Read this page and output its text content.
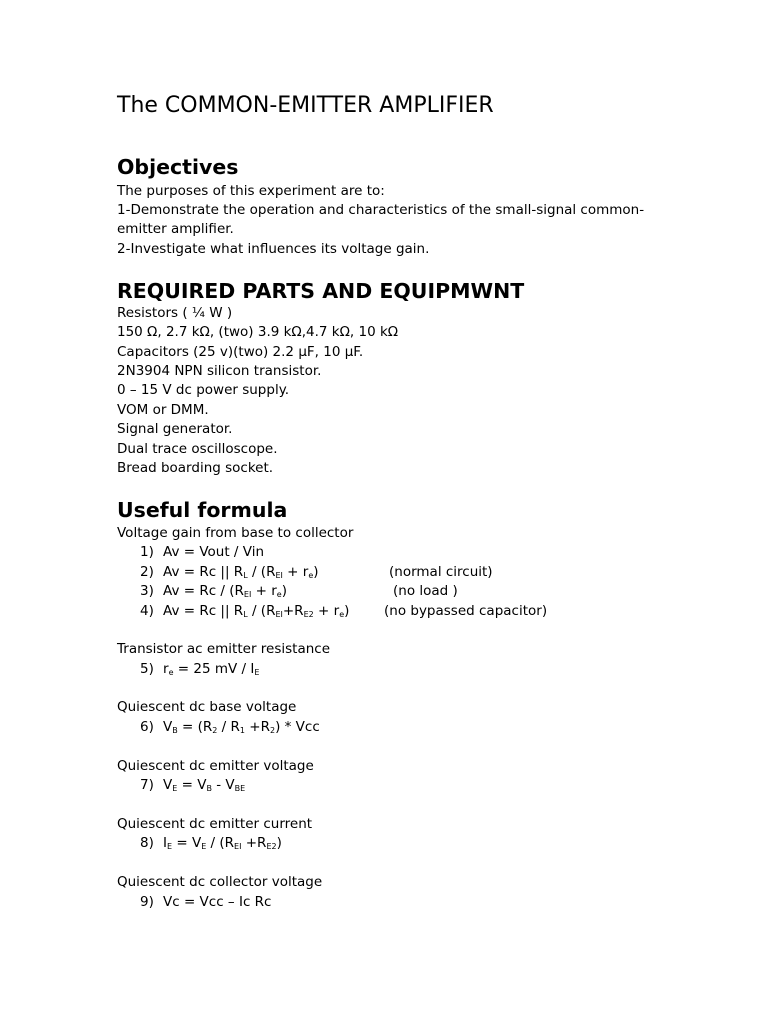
The COMMON-EMITTER AMPLIFIER
Objectives

The purposes of this experiment are to:

1-Demonstrate the operation and characteristics of the small-signal common-

emitter amplifier.

2-Investigate what influences its voltage gain.

REQUIRED PARTS AND EQUIPMWNT

Resistors ( ¼ W )

150 Ω, 2.7 kΩ, (two) 3.9 kΩ,4.7 kΩ, 10 kΩ

Capacitors (25 v)(two) 2.2 µF, 10 µF.

2N3904 NPN silicon transistor.

0 – 15 V dc power supply.

VOM or DMM.

Signal generator.

Dual trace oscilloscope.

Bread boarding socket.

Useful formula

Voltage gain from base to collector

1) Av = Vout / Vin
2) Av = Rc || $R_L / (R_{EI} + r_e)$	(normal circuit)
3) $Av = Rc / (R_{EI} + r_e)$	(no load )
4) Av = Rc || $R_L / (R_{EI}+R_{E2} + r_e)$	(no bypassed capacitor)

Transistor ac emitter resistance

5) $r_e = 25$ mV / $I_E$

Quiescent dc base voltage

6) $V_B = (R_2 / R_1 +R_2)$ * Vcc

Quiescent dc emitter voltage

7) $V_E = V_B - V_{BE}$

Quiescent dc emitter current

8) $I_E = V_E / (R_{EI} +R_{E2})$

Quiescent dc collector voltage

9) Vc = Vcc – Ic Rc
